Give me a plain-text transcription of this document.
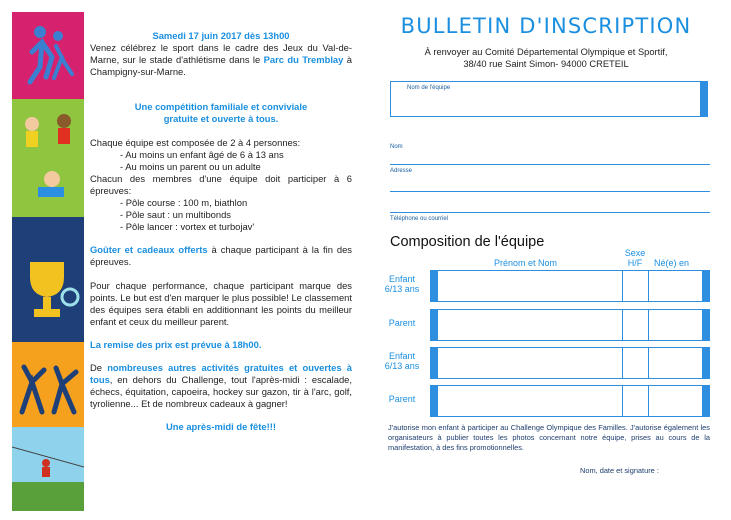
Samedi 17 juin 2017 dès 13h00

Venez célébrez le sport dans le cadre des Jeux du Val-de-Marne, sur le stade d'athlétisme dans le Parc du Tremblay à Champigny-sur-Marne.

Une compétition familiale et conviviale

gratuite et ouverte à tous.

Chaque équipe est composée de 2 à 4 personnes:

- Au moins un enfant âgé de 6 à 13 ans

- Au moins un parent ou un adulte

Chacun des membres d'une équipe doit participer à 6 épreuves:

- Pôle course : 100 m, biathlon

- Pôle saut : un multibonds

- Pôle lancer : vortex et turbojav'

Goûter et cadeaux offerts à chaque participant à la fin des épreuves.

Pour chaque performance, chaque participant marque des points. Le but est d'en marquer le plus possible! Le classement des équipes sera établi en additionnant les points du meilleur enfant et ceux du meilleur parent.

La remise des prix est prévue à 18h00.

De nombreuses autres activités gratuites et ouvertes à tous, en dehors du Challenge, tout l'après-midi : escalade, échecs, équitation, capoeira, hockey sur gazon, tir à l'arc, golf, tyrolienne... Et de nombreux cadeaux à gagner!

Une après-midi de fête!!!

BULLETIN D'INSCRIPTION
À renvoyer au Comité Départemental Olympique et Sportif,
38/40 rue Saint Simon- 94000 CRETEIL
Nom de l'équipe
Nom
Adresse
Téléphone ou courriel
Composition de l'équipe
Prénom et Nom
Sexe
H/F	Né(e) en
Enfant
6/13 ans
Parent
Enfant
6/13 ans
Parent
J'autorise mon enfant à participer au Challenge Olympique des Familles. J'autorise également les organisateurs à publier toutes les photos concernant notre équipe, prises au cours de la manifestation, à des fins promotionnelles.
Nom, date et signature :
